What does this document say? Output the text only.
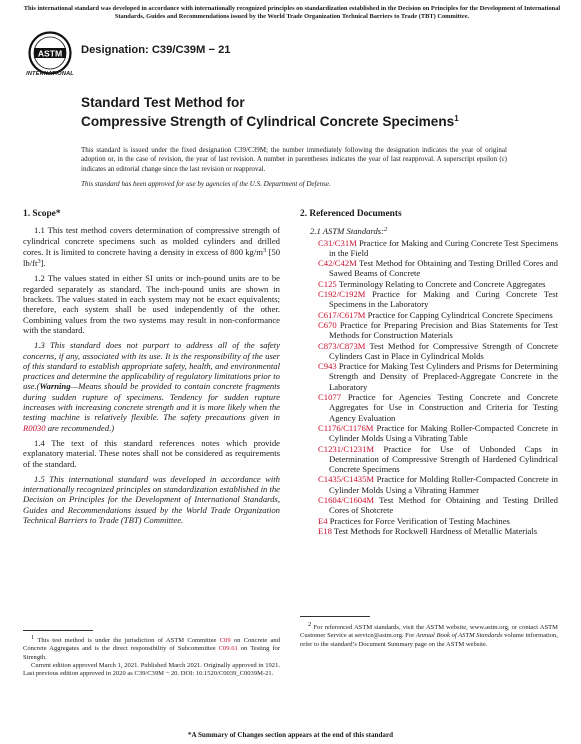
This international standard was developed in accordance with internationally recognized principles on standardization established in the Decision on Principles for the Development of International Standards, Guides and Recommendations issued by the World Trade Organization Technical Barriers to Trade (TBT) Committee.
ASTM
INTERNATIONAL
Designation: C39/C39M − 21
Standard Test Method for
Compressive Strength of Cylindrical Concrete Specimens$^1$
This standard is issued under the fixed designation C39/C39M; the number immediately following the designation indicates the year of original adoption or, in the case of revision, the year of last revision. A number in parentheses indicates the year of last reapproval. A superscript epsilon (ε) indicates an editorial change since the last revision or reapproval.
This standard has been approved for use by agencies of the U.S. Department of Defense.
1. Scope*

1.1 This test method covers determination of compressive strength of cylindrical concrete specimens such as molded cylinders and drilled cores. It is limited to concrete having a density in excess of 800 $kg/m^3$ [50 $lb/ft^3$].

1.2 The values stated in either SI units or inch-pound units are to be regarded separately as standard. The inch-pound units are shown in brackets. The values stated in each system may not be exact equivalents; therefore, each system shall be used independently of the other. Combining values from the two systems may result in non-conformance with the standard.

1.3 This standard does not purport to address all of the safety concerns, if any, associated with its use. It is the responsibility of the user of this standard to establish appropriate safety, health, and environmental practices and determine the applicability of regulatory limitations prior to use.(Warning—Means should be provided to contain concrete fragments during sudden rupture of specimens. Tendency for sudden rupture increases with increasing concrete strength and it is more likely when the testing machine is relatively flexible. The safety precautions given in R0030 are recommended.)

1.4 The text of this standard references notes which provide explanatory material. These notes shall not be considered as requirements of the standard.

1.5 This international standard was developed in accordance with internationally recognized principles on standardization established in the Decision on Principles for the Development of International Standards, Guides and Recommendations issued by the World Trade Organization Technical Barriers to Trade (TBT) Committee.

1 This test method is under the jurisdiction of ASTM Committee C09 on Concrete and Concrete Aggregates and is the direct responsibility of Subcommittee C09.61 on Testing for Strength.
Current edition approved March 1, 2021. Published March 2021. Originally approved in 1921. Last previous edition approved in 2020 as C39/C39M − 20. DOI: 10.1520/C0039_C0039M-21.
2. Referenced Documents
2.1 ASTM Standards:$^2$
C31/C31M Practice for Making and Curing Concrete Test Specimens in the Field
C42/C42M Test Method for Obtaining and Testing Drilled Cores and Sawed Beams of Concrete
C125 Terminology Relating to Concrete and Concrete Aggregates
C192/C192M Practice for Making and Curing Concrete Test Specimens in the Laboratory
C617/C617M Practice for Capping Cylindrical Concrete Specimens
C670 Practice for Preparing Precision and Bias Statements for Test Methods for Construction Materials
C873/C873M Test Method for Compressive Strength of Concrete Cylinders Cast in Place in Cylindrical Molds
C943 Practice for Making Test Cylinders and Prisms for Determining Strength and Density of Preplaced-Aggregate Concrete in the Laboratory
C1077 Practice for Agencies Testing Concrete and Concrete Aggregates for Use in Construction and Criteria for Testing Agency Evaluation
C1176/C1176M Practice for Making Roller-Compacted Concrete in Cylinder Molds Using a Vibrating Table
C1231/C1231M Practice for Use of Unbonded Caps in Determination of Compressive Strength of Hardened Cylindrical Concrete Specimens
C1435/C1435M Practice for Molding Roller-Compacted Concrete in Cylinder Molds Using a Vibrating Hammer
C1604/C1604M Test Method for Obtaining and Testing Drilled Cores of Shotcrete
E4 Practices for Force Verification of Testing Machines
E18 Test Methods for Rockwell Hardness of Metallic Materials
2 For referenced ASTM standards, visit the ASTM website, www.astm.org, or contact ASTM Customer Service at service@astm.org. For Annual Book of ASTM Standards volume information, refer to the standard’s Document Summary page on the ASTM website.
*A Summary of Changes section appears at the end of this standard
